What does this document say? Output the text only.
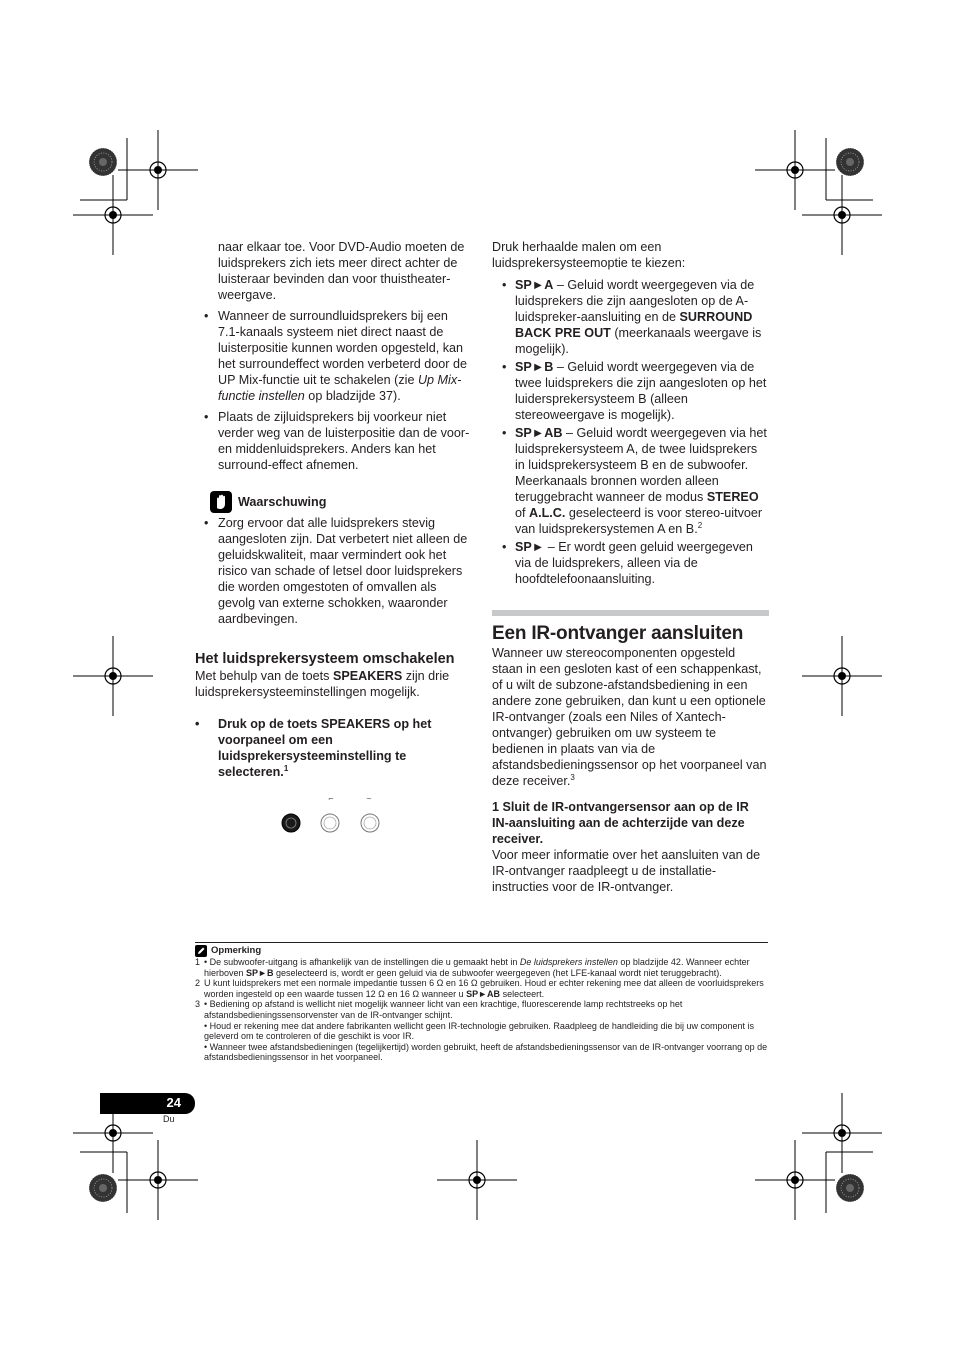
naar elkaar toe. Voor DVD-Audio moeten de luidsprekers zich iets meer direct achter de luisteraar bevinden dan voor thuistheater-weergave.

• Wanneer de surroundluidsprekers bij een 7.1-kanaals systeem niet direct naast de luisterpositie kunnen worden opgesteld, kan het surroundeffect worden verbeterd door de UP Mix-functie uit te schakelen (zie Up Mix-functie instellen op bladzijde 37).

• Plaats de zijluidsprekers bij voorkeur niet verder weg van de luisterpositie dan de voor- en middenluidsprekers. Anders kan het surround-effect afnemen.

Waarschuwing

• Zorg ervoor dat alle luidsprekers stevig aangesloten zijn. Dat verbetert niet alleen de geluidskwaliteit, maar vermindert ook het risico van schade of letsel door luidsprekers die worden omgestoten of omvallen als gevolg van externe schokken, waaronder aardbevingen.

Het luidsprekersysteem omschakelen

Met behulp van de toets SPEAKERS zijn drie luidsprekersysteeminstellingen mogelijk.

• Druk op de toets SPEAKERS op het voorpaneel om een luidsprekersysteeminstelling te selecteren.$^1$

⌐	~

Druk herhaalde malen om een luidsprekersysteemoptie te kiezen:

• SP►A – Geluid wordt weergegeven via de luidsprekers die zijn aangesloten op de A-luidspreker-aansluiting en de SURROUND BACK PRE OUT (meerkanaals weergave is mogelijk).

• SP►B – Geluid wordt weergegeven via de twee luidsprekers die zijn aangesloten op het luidersprekersysteem B (alleen stereoweergave is mogelijk).

• SP►AB – Geluid wordt weergegeven via het luidsprekersysteem A, de twee luidsprekers in luidsprekersysteem B en de subwoofer. Meerkanaals bronnen worden alleen teruggebracht wanneer de modus STEREO of A.L.C. geselecteerd is voor stereo-uitvoer van luidsprekersystemen A en B.$^2$

• SP► – Er wordt geen geluid weergegeven via de luidsprekers, alleen via de hoofdtelefoonaansluiting.

Een IR-ontvanger aansluiten

Wanneer uw stereocomponenten opgesteld staan in een gesloten kast of een schappenkast, of u wilt de subzone-afstandsbediening in een andere zone gebruiken, dan kunt u een optionele IR-ontvanger (zoals een Niles of Xantech-ontvanger) gebruiken om uw systeem te bedienen in plaats van via de afstandsbedieningssensor op het voorpaneel van deze receiver.$^3$

1 Sluit de IR-ontvangersensor aan op de IR IN-aansluiting aan de achterzijde van deze receiver.

Voor meer informatie over het aansluiten van de IR-ontvanger raadpleegt u de installatie-instructies voor de IR-ontvanger.

Opmerking

1 • De subwoofer-uitgang is afhankelijk van de instellingen die u gemaakt hebt in De luidsprekers instellen op bladzijde 42. Wanneer echter hierboven SP►B geselecteerd is, wordt er geen geluid via de subwoofer weergegeven (het LFE-kanaal wordt niet teruggebracht).

2 U kunt luidsprekers met een normale impedantie tussen 6 Ω en 16 Ω gebruiken. Houd er echter rekening mee dat alleen de voorluidsprekers worden ingesteld op een waarde tussen 12 Ω en 16 Ω wanneer u SP►AB selecteert.

3 • Bediening op afstand is wellicht niet mogelijk wanneer licht van een krachtige, fluorescerende lamp rechtstreeks op het afstandsbedieningssensorvenster van de IR-ontvanger schijnt.

• Houd er rekening mee dat andere fabrikanten wellicht geen IR-technologie gebruiken. Raadpleeg de handleiding die bij uw component is geleverd om te controleren of die geschikt is voor IR.

• Wanneer twee afstandsbedieningen (tegelijkertijd) worden gebruikt, heeft de afstandsbedieningssensor van de IR-ontvanger voorrang op de afstandsbedieningssensor in het voorpaneel.

24
Du
